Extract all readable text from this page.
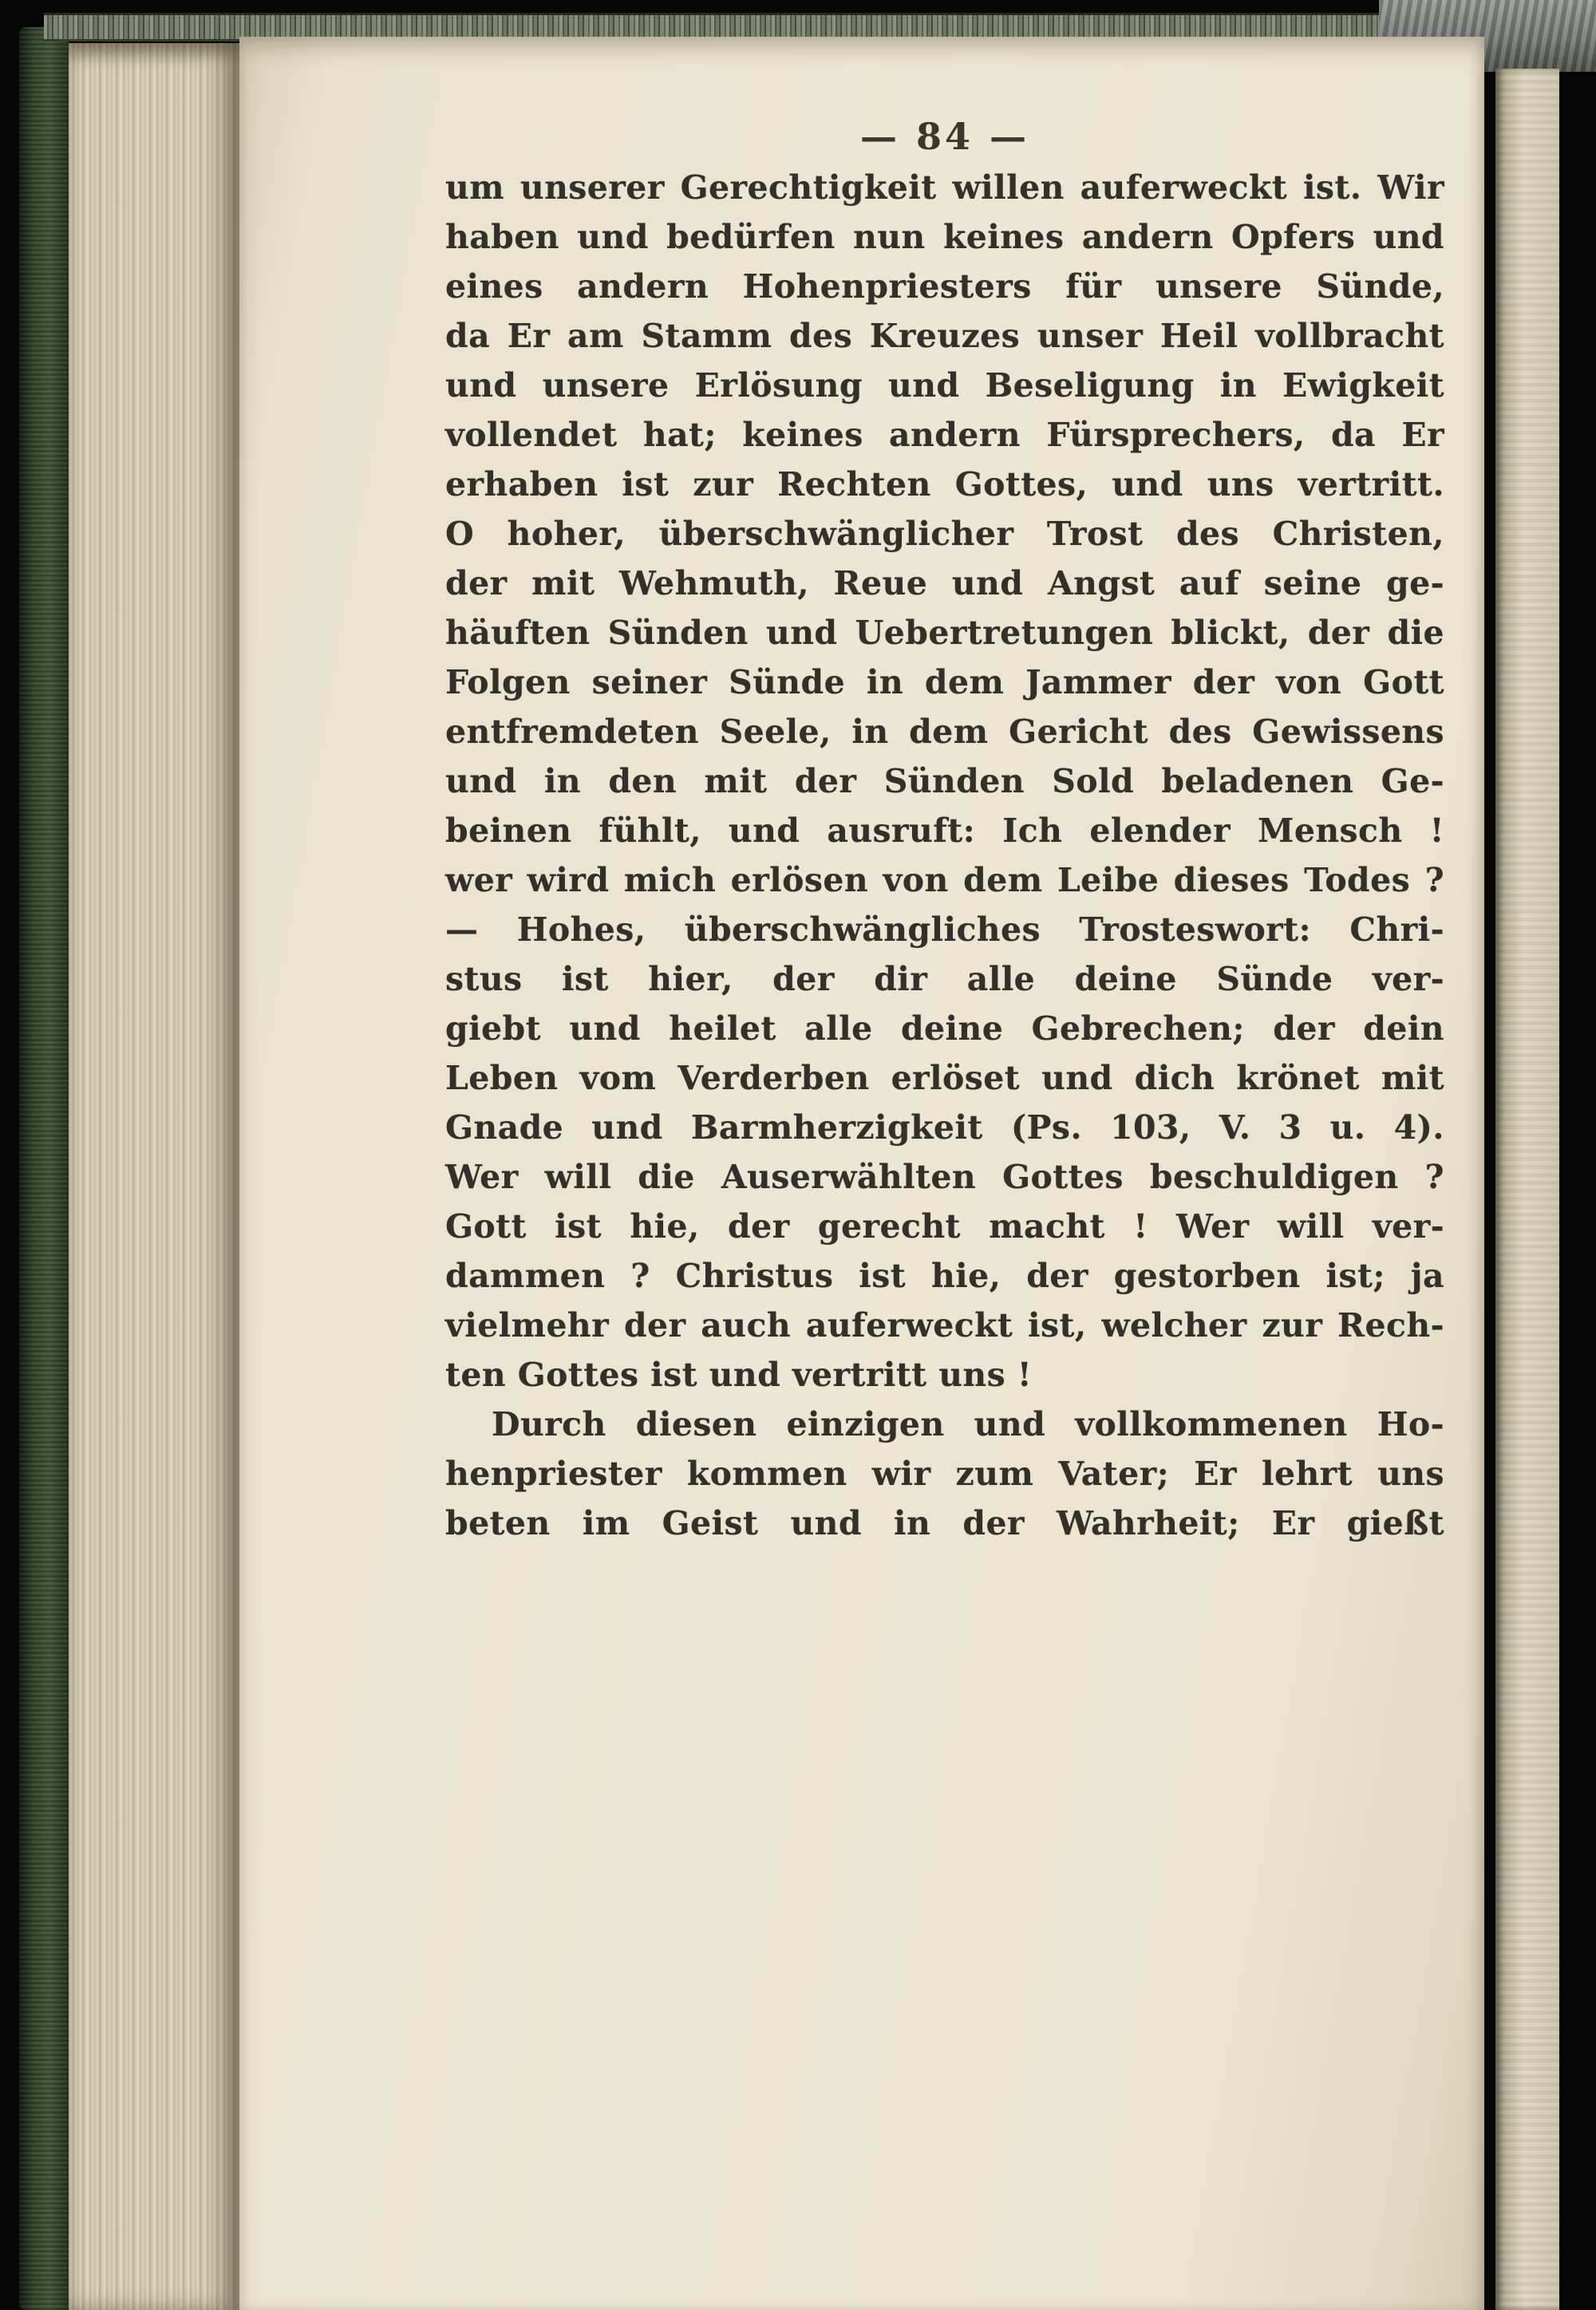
— 84 —
um unserer Gerechtigkeit willen auferweckt ist. Wir
haben und bedürfen nun keines andern Opfers und
eines andern Hohenpriesters für unsere Sünde,
da Er am Stamm des Kreuzes unser Heil vollbracht
und unsere Erlösung und Beseligung in Ewigkeit
vollendet hat; keines andern Fürsprechers, da Er
erhaben ist zur Rechten Gottes, und uns vertritt.
O hoher, überschwänglicher Trost des Christen,
der mit Wehmuth, Reue und Angst auf seine ge-
häuften Sünden und Uebertretungen blickt, der die
Folgen seiner Sünde in dem Jammer der von Gott
entfremdeten Seele, in dem Gericht des Gewissens
und in den mit der Sünden Sold beladenen Ge-
beinen fühlt, und ausruft: Ich elender Mensch !
wer wird mich erlösen von dem Leibe dieses Todes ?
— Hohes, überschwängliches Trosteswort: Chri-
stus ist hier, der dir alle deine Sünde ver-
giebt und heilet alle deine Gebrechen; der dein
Leben vom Verderben erlöset und dich krönet mit
Gnade und Barmherzigkeit (Ps. 103, V. 3 u. 4).
Wer will die Auserwählten Gottes beschuldigen ?
Gott ist hie, der gerecht macht ! Wer will ver-
dammen ? Christus ist hie, der gestorben ist; ja
vielmehr der auch auferweckt ist, welcher zur Rech-
ten Gottes ist und vertritt uns !
Durch diesen einzigen und vollkommenen Ho-
henpriester kommen wir zum Vater; Er lehrt uns
beten im Geist und in der Wahrheit; Er gießt
